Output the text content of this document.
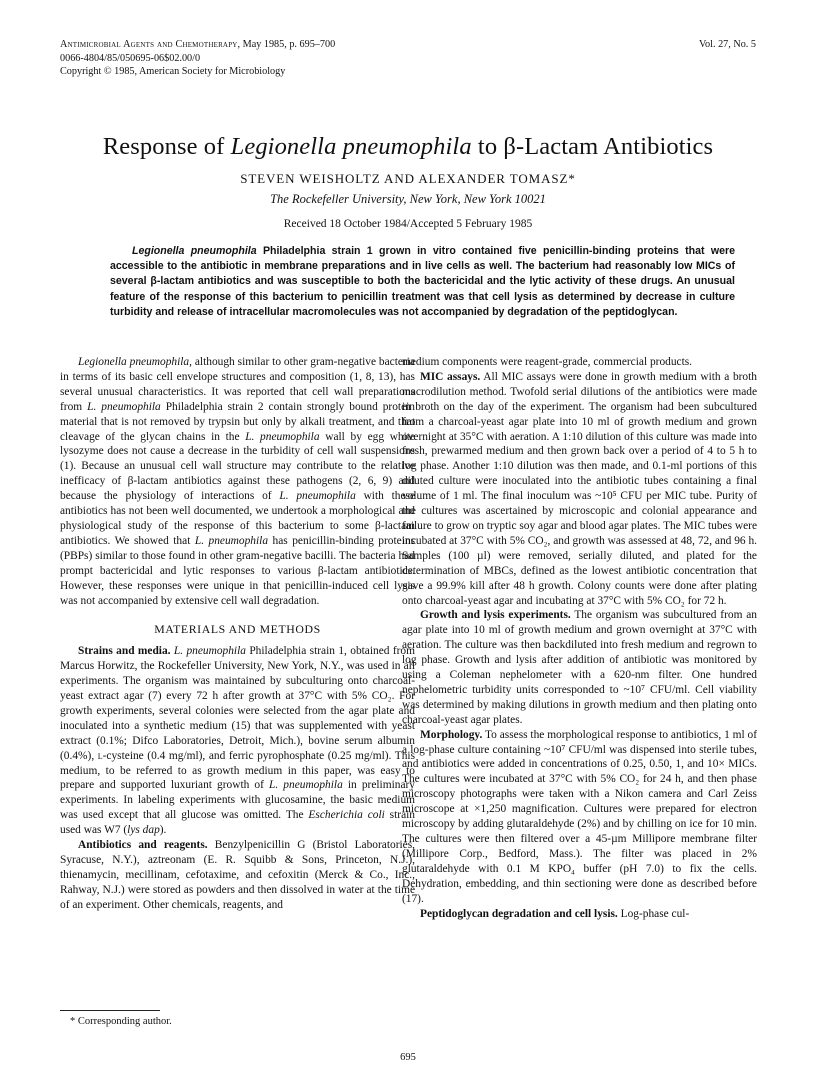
Antimicrobial Agents and Chemotherapy, May 1985, p. 695–700
0066-4804/85/050695-06$02.00/0
Copyright © 1985, American Society for Microbiology
Vol. 27, No. 5
Response of Legionella pneumophila to β-Lactam Antibiotics
STEVEN WEISHOLTZ AND ALEXANDER TOMASZ*
The Rockefeller University, New York, New York 10021
Received 18 October 1984/Accepted 5 February 1985
Legionella pneumophila Philadelphia strain 1 grown in vitro contained five penicillin-binding proteins that were accessible to the antibiotic in membrane preparations and in live cells as well. The bacterium had reasonably low MICs of several β-lactam antibiotics and was susceptible to both the bactericidal and the lytic activity of these drugs. An unusual feature of the response of this bacterium to penicillin treatment was that cell lysis as determined by decrease in culture turbidity and release of intracellular macromolecules was not accompanied by degradation of the peptidoglycan.

Legionella pneumophila, although similar to other gram-negative bacteria in terms of its basic cell envelope structures and composition (1, 8, 13), has several unusual characteristics. It was reported that cell wall preparations from L. pneumophila Philadelphia strain 2 contain strongly bound protein material that is not removed by trypsin but only by alkali treatment, and that cleavage of the glycan chains in the L. pneumophila wall by egg white lysozyme does not cause a decrease in the turbidity of cell wall suspensions (1). Because an unusual cell wall structure may contribute to the relative inefficacy of β-lactam antibiotics against these pathogens (2, 6, 9) and because the physiology of interactions of L. pneumophila with these antibiotics has not been well documented, we undertook a morphological and physiological study of the response of this bacterium to some β-lactam antibiotics. We showed that L. pneumophila has penicillin-binding proteins (PBPs) similar to those found in other gram-negative bacilli. The bacteria had prompt bactericidal and lytic responses to various β-lactam antibiotics. However, these responses were unique in that penicillin-induced cell lysis was not accompanied by extensive cell wall degradation.

MATERIALS AND METHODS

Strains and media. L. pneumophila Philadelphia strain 1, obtained from Marcus Horwitz, the Rockefeller University, New York, N.Y., was used in all experiments. The organism was maintained by subculturing onto charcoal-yeast extract agar (7) every 72 h after growth at 37°C with 5% CO₂. For growth experiments, several colonies were selected from the agar plate and inoculated into a synthetic medium (15) that was supplemented with yeast extract (0.1%; Difco Laboratories, Detroit, Mich.), bovine serum albumin (0.4%), l-cysteine (0.4 mg/ml), and ferric pyrophosphate (0.25 mg/ml). This medium, to be referred to as growth medium in this paper, was easy to prepare and supported luxuriant growth of L. pneumophila in preliminary experiments. In labeling experiments with glucosamine, the basic medium was used except that all glucose was omitted. The Escherichia coli strain used was W7 (lys dap).

Antibiotics and reagents. Benzylpenicillin G (Bristol Laboratories, Syracuse, N.Y.), aztreonam (E. R. Squibb & Sons, Princeton, N.J.), thienamycin, mecillinam, cefotaxime, and cefoxitin (Merck & Co., Inc., Rahway, N.J.) were stored as powders and then dissolved in water at the time of an experiment. Other chemicals, reagents, and

medium components were reagent-grade, commercial products.

MIC assays. All MIC assays were done in growth medium with a broth macrodilution method. Twofold serial dilutions of the antibiotics were made in broth on the day of the experiment. The organism had been subcultured from a charcoal-yeast agar plate into 10 ml of growth medium and grown overnight at 35°C with aeration. A 1:10 dilution of this culture was made into fresh, prewarmed medium and then grown back over a period of 4 to 5 h to log phase. Another 1:10 dilution was then made, and 0.1-ml portions of this diluted culture were inoculated into the antibiotic tubes containing a final volume of 1 ml. The final inoculum was ~10⁵ CFU per MIC tube. Purity of the cultures was ascertained by microscopic and colonial appearance and failure to grow on tryptic soy agar and blood agar plates. The MIC tubes were incubated at 37°C with 5% CO₂, and growth was assessed at 48, 72, and 96 h. Samples (100 µl) were removed, serially diluted, and plated for the determination of MBCs, defined as the lowest antibiotic concentration that gave a 99.9% kill after 48 h growth. Colony counts were done after plating onto charcoal-yeast agar and incubating at 37°C with 5% CO₂ for 72 h.

Growth and lysis experiments. The organism was subcultured from an agar plate into 10 ml of growth medium and grown overnight at 37°C with aeration. The culture was then backdiluted into fresh medium and regrown to log phase. Growth and lysis after addition of antibiotic was monitored by using a Coleman nephelometer with a 620-nm filter. One hundred nephelometric turbidity units corresponded to ~10⁷ CFU/ml. Cell viability was determined by making dilutions in growth medium and then plating onto charcoal-yeast agar plates.

Morphology. To assess the morphological response to antibiotics, 1 ml of a log-phase culture containing ~10⁷ CFU/ml was dispensed into sterile tubes, and antibiotics were added in concentrations of 0.25, 0.50, 1, and 10× MICs. The cultures were incubated at 37°C with 5% CO₂ for 24 h, and then phase microscopy photographs were taken with a Nikon camera and Carl Zeiss microscope at ×1,250 magnification. Cultures were prepared for electron microscopy by adding glutaraldehyde (2%) and by chilling on ice for 10 min. The cultures were then filtered over a 45-µm Millipore membrane filter (Millipore Corp., Bedford, Mass.). The filter was placed in 2% glutaraldehyde with 0.1 M KPO₄ buffer (pH 7.0) to fix the cells. Dehydration, embedding, and thin sectioning were done as described before (17).

Peptidoglycan degradation and cell lysis. Log-phase cul-

* Corresponding author.
695
